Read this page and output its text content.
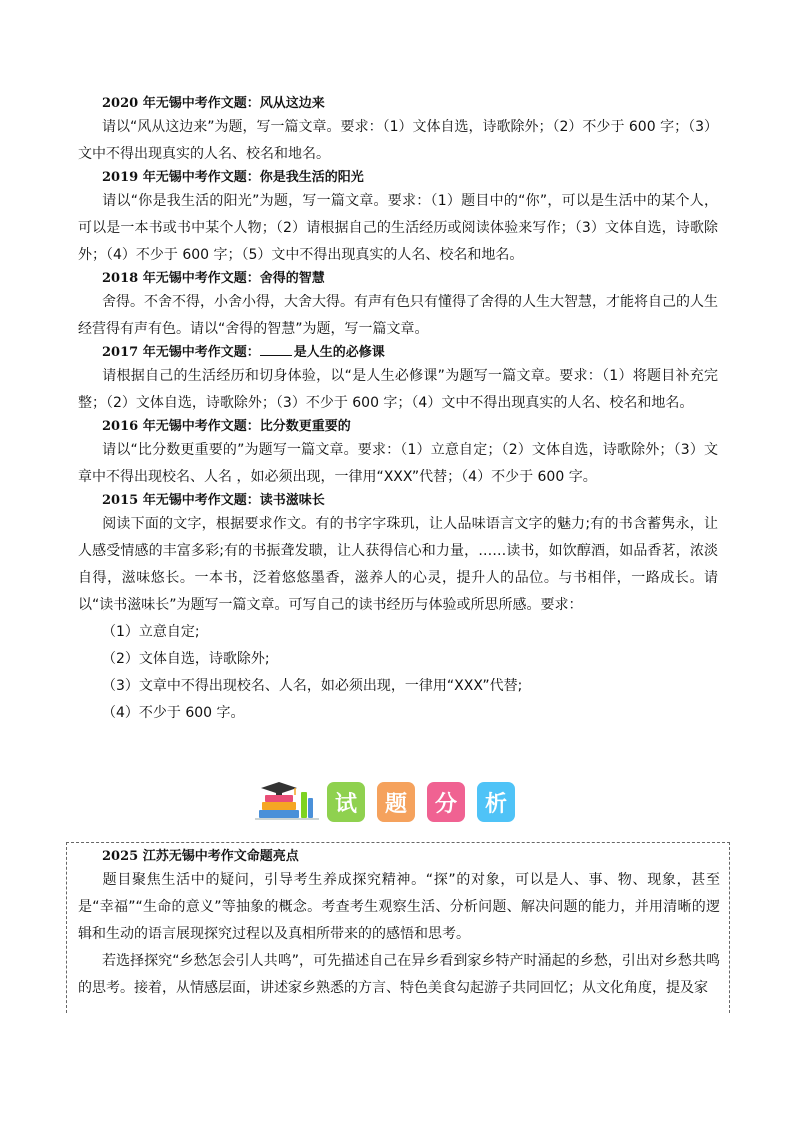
2020 年无锡中考作文题：风从这边来

请以“风从这边来”为题，写一篇文章。要求：（1）文体自选，诗歌除外；（2）不少于 600 字；（3）文中不得出现真实的人名、校名和地名。

2019 年无锡中考作文题：你是我生活的阳光

请以“你是我生活的阳光”为题，写一篇文章。要求：（1）题目中的“你”，可以是生活中的某个人，可以是一本书或书中某个人物；（2）请根据自己的生活经历或阅读体验来写作；（3）文体自选，诗歌除外；（4）不少于 600 字；（5）文中不得出现真实的人名、校名和地名。

2018 年无锡中考作文题：舍得的智慧

舍得。不舍不得，小舍小得，大舍大得。有声有色只有懂得了舍得的人生大智慧，才能将自己的人生经营得有声有色。请以“舍得的智慧”为题，写一篇文章。

2017 年无锡中考作文题：	是人生的必修课

请根据自己的生活经历和切身体验，以“是人生必修课”为题写一篇文章。要求：（1）将题目补充完整；（2）文体自选，诗歌除外；（3）不少于 600 字；（4）文中不得出现真实的人名、校名和地名。

2016 年无锡中考作文题：比分数更重要的

请以“比分数更重要的”为题写一篇文章。要求：（1）立意自定；（2）文体自选，诗歌除外；（3）文章中不得出现校名、人名 ，如必须出现，一律用“XXX”代替；（4）不少于 600 字。

2015 年无锡中考作文题：读书滋味长

阅读下面的文字，根据要求作文。有的书字字珠玑，让人品味语言文字的魅力;有的书含蓄隽永，让人感受情感的丰富多彩;有的书振聋发聩，让人获得信心和力量，……读书，如饮醇酒，如品香茗，浓淡自得，滋味悠长。一本书，泛着悠悠墨香，滋养人的心灵，提升人的品位。与书相伴，一路成长。请以“读书滋味长”为题写一篇文章。可写自己的读书经历与体验或所思所感。要求：

（1）立意自定;

（2）文体自选，诗歌除外;

（3）文章中不得出现校名、人名，如必须出现，一律用“XXX”代替;

（4）不少于 600 字。

试	题	分	析

2025 江苏无锡中考作文命题亮点

题目聚焦生活中的疑问，引导考生养成探究精神。“探”的对象，可以是人、事、物、现象，甚至是“幸福”“生命的意义”等抽象的概念。考查考生观察生活、分析问题、解决问题的能力，并用清晰的逻辑和生动的语言展现探究过程以及真相所带来的的感悟和思考。

若选择探究“乡愁怎会引人共鸣”，可先描述自己在异乡看到家乡特产时涌起的乡愁，引出对乡愁共鸣的思考。接着，从情感层面，讲述家乡熟悉的方言、特色美食勾起游子共同回忆；从文化角度，提及家
